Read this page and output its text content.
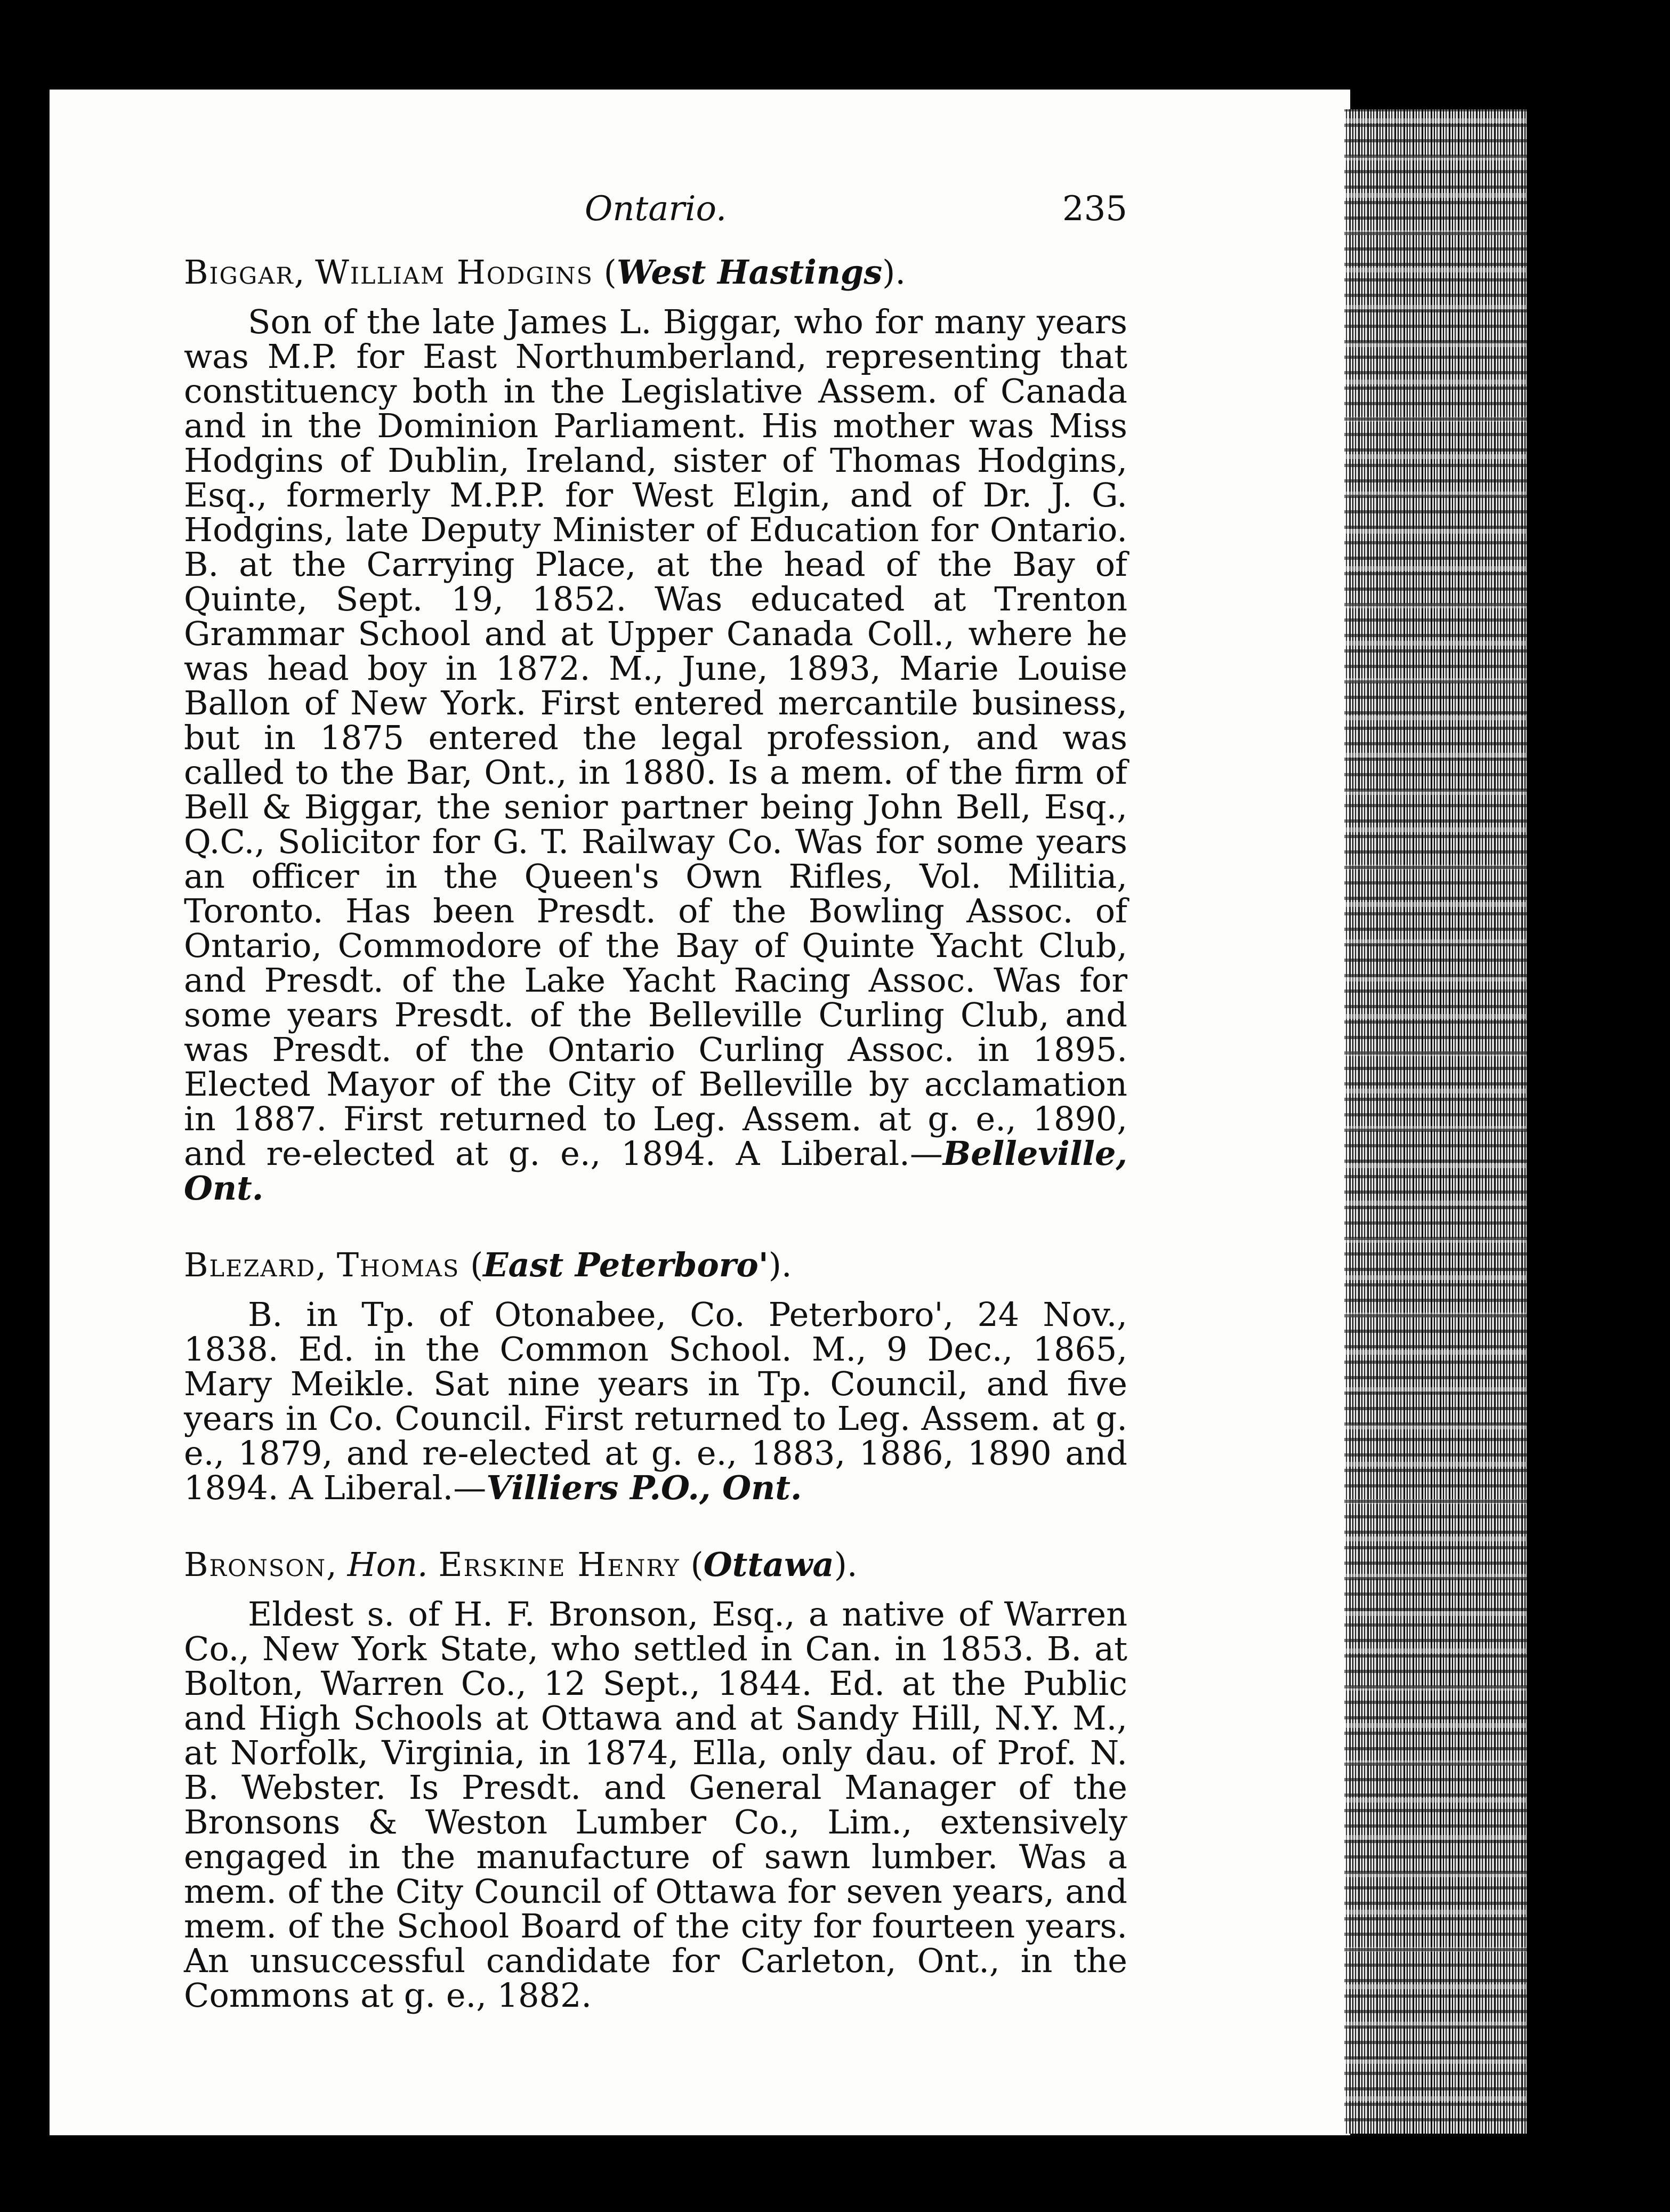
Ontario.	235

Biggar, William Hodgins (West Hastings).

Son of the late James L. Biggar, who for many years was M.P. for East Northumberland, representing that constituency both in the Legislative Assem. of Canada and in the Dominion Parliament. His mother was Miss Hodgins of Dublin, Ireland, sister of Thomas Hodgins, Esq., formerly M.P.P. for West Elgin, and of Dr. J. G. Hodgins, late Deputy Minister of Education for Ontario. B. at the Carrying Place, at the head of the Bay of Quinte, Sept. 19, 1852. Was educated at Trenton Grammar School and at Upper Canada Coll., where he was head boy in 1872. M., June, 1893, Marie Louise Ballon of New York. First entered mercantile business, but in 1875 entered the legal profession, and was called to the Bar, Ont., in 1880. Is a mem. of the firm of Bell & Biggar, the senior partner being John Bell, Esq., Q.C., Solicitor for G. T. Railway Co. Was for some years an officer in the Queen's Own Rifles, Vol. Militia, Toronto. Has been Presdt. of the Bowling Assoc. of Ontario, Commodore of the Bay of Quinte Yacht Club, and Presdt. of the Lake Yacht Racing Assoc. Was for some years Presdt. of the Belleville Curling Club, and was Presdt. of the Ontario Curling Assoc. in 1895. Elected Mayor of the City of Belleville by acclamation in 1887. First returned to Leg. Assem. at g. e., 1890, and re-elected at g. e., 1894. A Liberal.—Belleville, Ont.

Blezard, Thomas (East Peterboro').

B. in Tp. of Otonabee, Co. Peterboro', 24 Nov., 1838. Ed. in the Common School. M., 9 Dec., 1865, Mary Meikle. Sat nine years in Tp. Council, and five years in Co. Council. First returned to Leg. Assem. at g. e., 1879, and re-elected at g. e., 1883, 1886, 1890 and 1894. A Liberal.—Villiers P.O., Ont.

Bronson, Hon. Erskine Henry (Ottawa).

Eldest s. of H. F. Bronson, Esq., a native of Warren Co., New York State, who settled in Can. in 1853. B. at Bolton, Warren Co., 12 Sept., 1844. Ed. at the Public and High Schools at Ottawa and at Sandy Hill, N.Y. M., at Norfolk, Virginia, in 1874, Ella, only dau. of Prof. N. B. Webster. Is Presdt. and General Manager of the Bronsons & Weston Lumber Co., Lim., extensively engaged in the manufacture of sawn lumber. Was a mem. of the City Council of Ottawa for seven years, and mem. of the School Board of the city for fourteen years. An unsuccessful candidate for Carleton, Ont., in the Commons at g. e., 1882.
